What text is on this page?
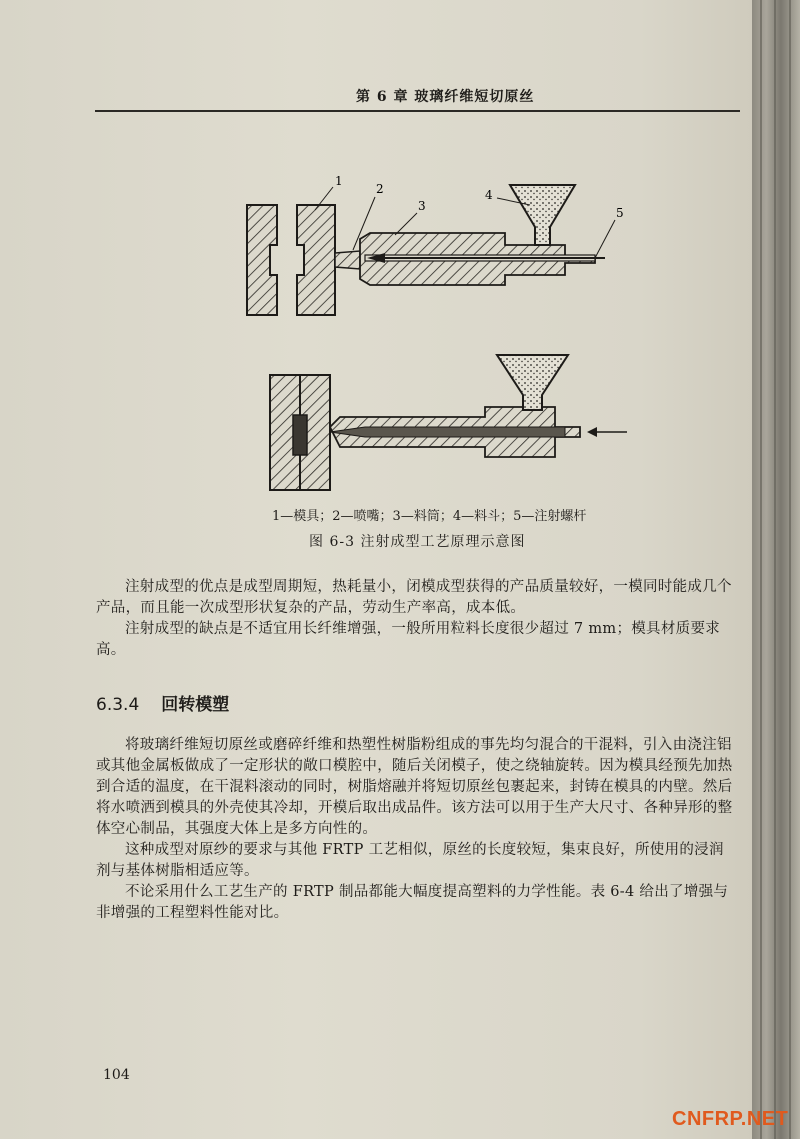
第 6 章 玻璃纤维短切原丝
1
2
3
4
5
1—模具；2—喷嘴；3—料筒；4—料斗；5—注射螺杆
图 6-3 注射成型工艺原理示意图

注射成型的优点是成型周期短，热耗量小，闭模成型获得的产品质量较好，一模同时能成几个产品，而且能一次成型形状复杂的产品，劳动生产率高，成本低。

注射成型的缺点是不适宜用长纤维增强，一般所用粒料长度很少超过 7 mm；模具材质要求高。

6.3.4 回转模塑

将玻璃纤维短切原丝或磨碎纤维和热塑性树脂粉组成的事先均匀混合的干混料，引入由浇注铝或其他金属板做成了一定形状的敞口模腔中，随后关闭模子，使之绕轴旋转。因为模具经预先加热到合适的温度，在干混料滚动的同时，树脂熔融并将短切原丝包裹起来，封铸在模具的内壁。然后将水喷洒到模具的外壳使其冷却，开模后取出成品件。该方法可以用于生产大尺寸、各种异形的整体空心制品，其强度大体上是多方向性的。

这种成型对原纱的要求与其他 FRTP 工艺相似，原丝的长度较短，集束良好，所使用的浸润剂与基体树脂相适应等。

不论采用什么工艺生产的 FRTP 制品都能大幅度提高塑料的力学性能。表 6-4 给出了增强与非增强的工程塑料性能对比。

104
CNFRP.NET
